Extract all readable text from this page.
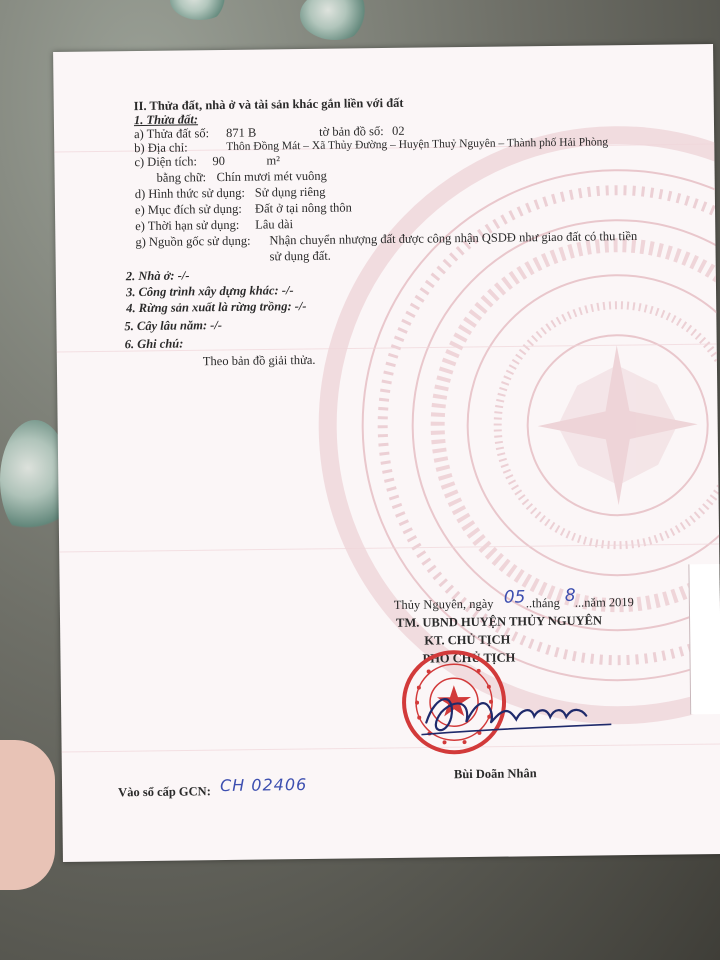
II. Thửa đất, nhà ở và tài sản khác gắn liền với đất
1. Thửa đất:
a) Thửa đất số: 871 B	tờ bản đồ số: 02
b) Địa chỉ:	Thôn Đồng Mát – Xã Thủy Đường – Huyện Thuỷ Nguyên – Thành phố Hải Phòng
c) Diện tích: 90	m²
bằng chữ: Chín mươi mét vuông
d) Hình thức sử dụng: Sử dụng riêng
e) Mục đích sử dụng: Đất ở tại nông thôn
e) Thời hạn sử dụng: Lâu dài
g) Nguồn gốc sử dụng: Nhận chuyển nhượng đất được công nhận QSDĐ như giao đất có thu tiền
sử dụng đất.
2. Nhà ở: -/-
3. Công trình xây dựng khác: -/-
4. Rừng sản xuất là rừng trồng: -/-
5. Cây lâu năm: -/-
6. Ghi chú:
Theo bản đồ giải thửa.
Thủy Nguyên, ngày 05 ..tháng 8 ...năm 2019
TM. UBND HUYỆN THỦY NGUYÊN
KT. CHỦ TỊCH
PHÓ CHỦ TỊCH
Bùi Doãn Nhân
Vào sổ cấp GCN: CH 02406
